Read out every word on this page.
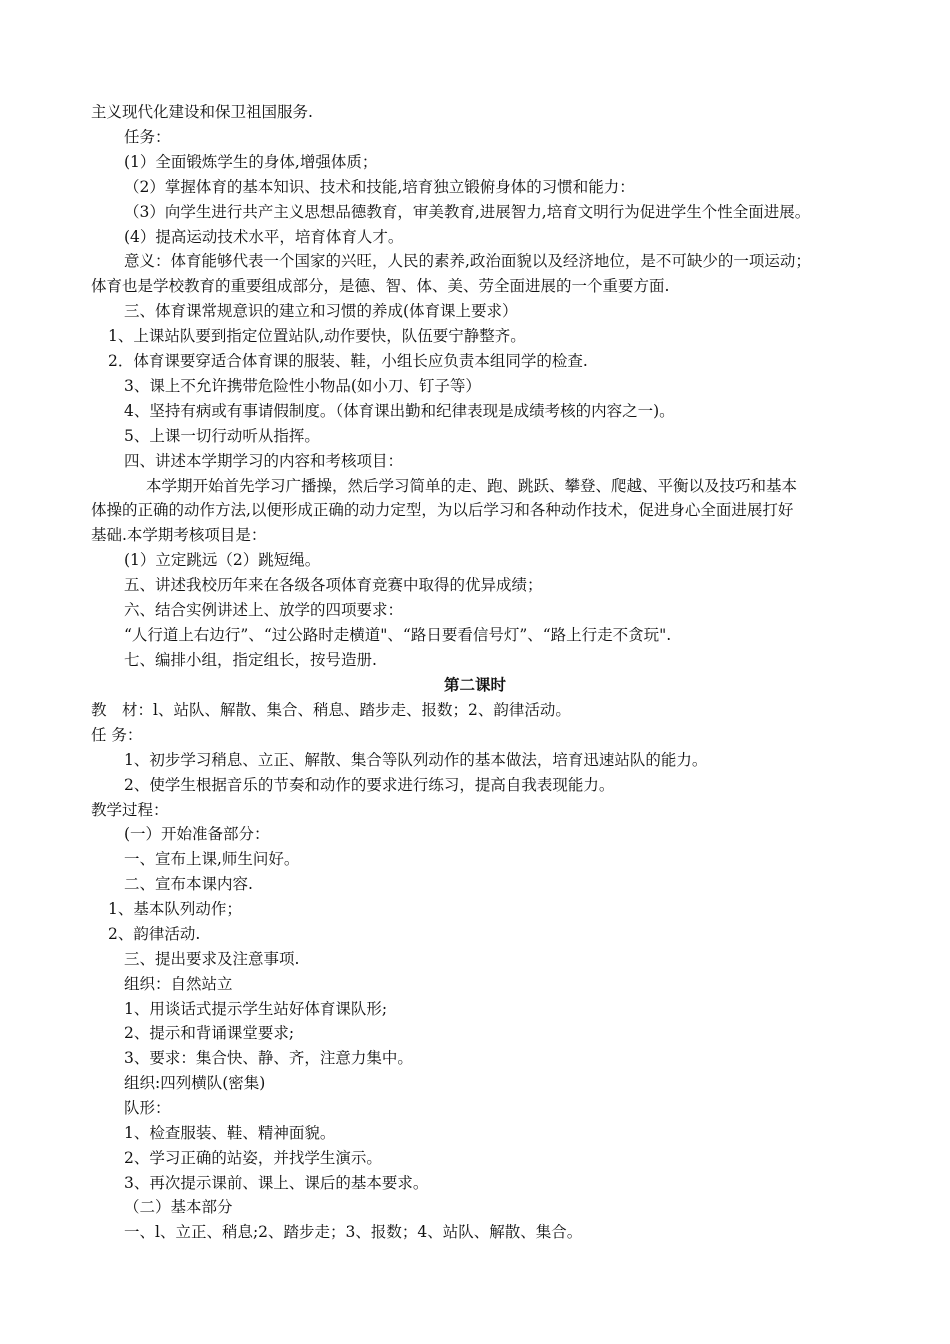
主义现代化建设和保卫祖国服务.
任务：
(1）全面锻炼学生的身体,增强体质；
（2）掌握体育的基本知识、技术和技能,培育独立锻俯身体的习惯和能力：
（3）向学生进行共产主义思想品德教育，审美教育,进展智力,培育文明行为促进学生个性全面进展。
(4）提高运动技术水平，培育体育人才。
意义：体育能够代表一个国家的兴旺，人民的素养,政治面貌以及经济地位，是不可缺少的一项运动；
体育也是学校教育的重要组成部分，是德、智、体、美、劳全面进展的一个重要方面.
三、体育课常规意识的建立和习惯的养成(体育课上要求）
1、上课站队要到指定位置站队,动作要快，队伍要宁静整齐。
2．体育课要穿适合体育课的服装、鞋，小组长应负责本组同学的检查.
3、课上不允许携带危险性小物品(如小刀、钉子等）
4、坚持有病或有事请假制度。（体育课出勤和纪律表现是成绩考核的内容之一)。
5、上课一切行动听从指挥。
四、讲述本学期学习的内容和考核项目：
本学期开始首先学习广播操，然后学习简单的走、跑、跳跃、攀登、爬越、平衡以及技巧和基本
体操的正确的动作方法,以便形成正确的动力定型，为以后学习和各种动作技术，促进身心全面进展打好
基础.本学期考核项目是：
(1）立定跳远（2）跳短绳。
五、讲述我校历年来在各级各项体育竞赛中取得的优异成绩；
六、结合实例讲述上、放学的四项要求：
“人行道上右边行”、“过公路时走横道"、“路日要看信号灯”、“路上行走不贪玩".
七、编排小组，指定组长，按号造册.
第二课时
教　材：l、站队、解散、集合、稍息、踏步走、报数；2、韵律活动。
任 务：
1、初步学习稍息、立正、解散、集合等队列动作的基本做法，培育迅速站队的能力。
2、使学生根据音乐的节奏和动作的要求进行练习，提高自我表现能力。
教学过程：
(一）开始准备部分：
一、宣布上课,师生问好。
二、宣布本课内容.
1、基本队列动作；
2、韵律活动.
三、提出要求及注意事项.
组织：自然站立
1、用谈话式提示学生站好体育课队形;
2、提示和背诵课堂要求;
3、要求：集合快、静、齐，注意力集中。
组织:四列横队(密集)
队形：
1、检查服装、鞋、精神面貌。
2、学习正确的站姿，并找学生演示。
3、再次提示课前、课上、课后的基本要求。
（二）基本部分
一、l、立正、稍息;2、踏步走；3、报数；4、站队、解散、集合。
